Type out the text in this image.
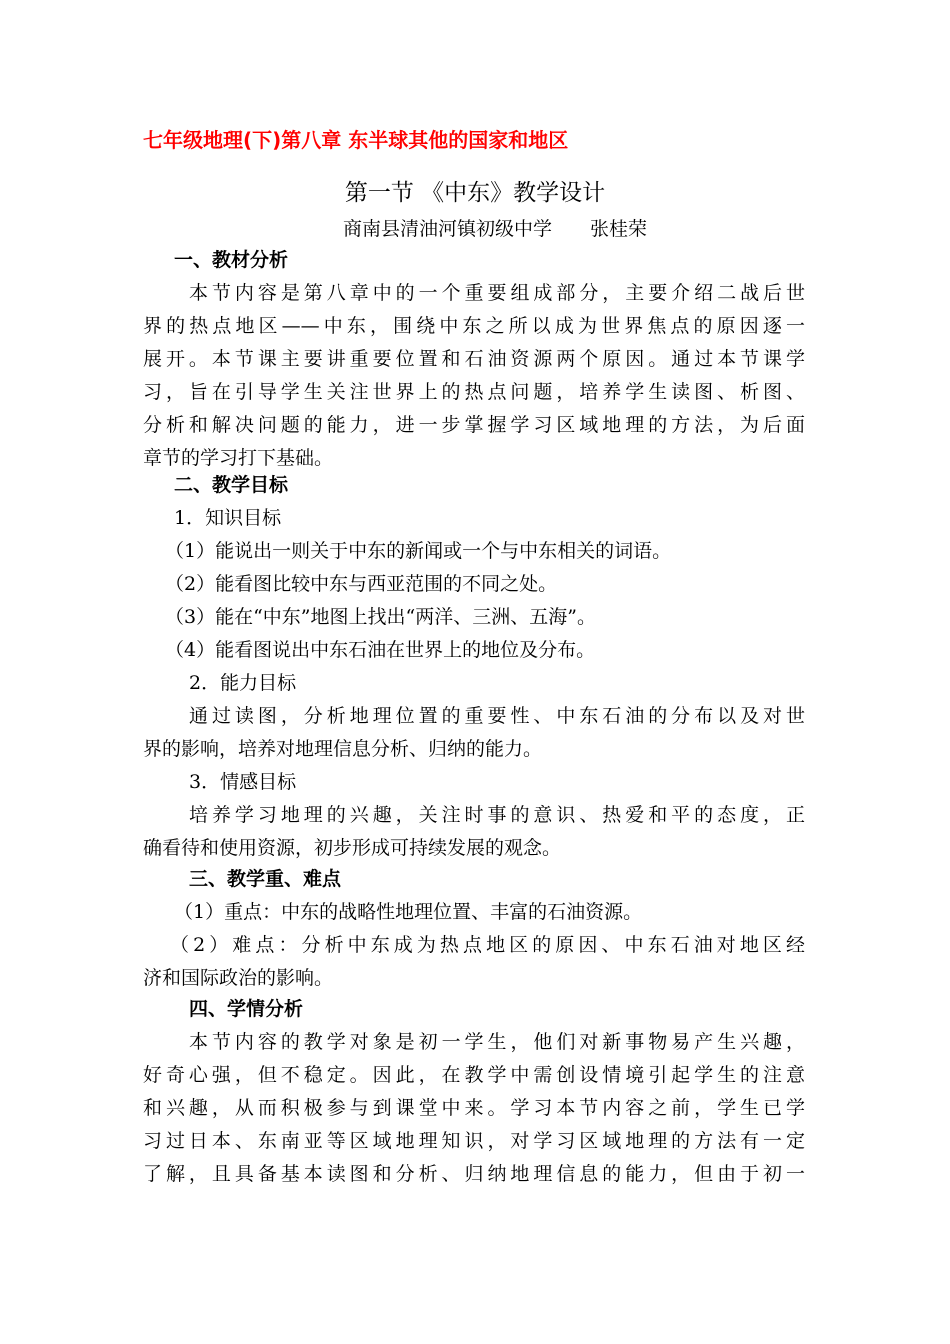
七年级地理(下)第八章 东半球其他的国家和地区
第一节 《中东》教学设计
商南县清油河镇初级中学 张桂荣
一、教材分析
本节内容是第八章中的一个重要组成部分，主要介绍二战后世
界的热点地区——中东，围绕中东之所以成为世界焦点的原因逐一
展开。本节课主要讲重要位置和石油资源两个原因。通过本节课学
习，旨在引导学生关注世界上的热点问题，培养学生读图、析图、
分析和解决问题的能力，进一步掌握学习区域地理的方法，为后面
章节的学习打下基础。
二、教学目标
1．知识目标
（1）能说出一则关于中东的新闻或一个与中东相关的词语。
（2）能看图比较中东与西亚范围的不同之处。
（3）能在“中东”地图上找出“两洋、三洲、五海”。
（4）能看图说出中东石油在世界上的地位及分布。
2．能力目标
通过读图，分析地理位置的重要性、中东石油的分布以及对世
界的影响，培养对地理信息分析、归纳的能力。
3．情感目标
培养学习地理的兴趣，关注时事的意识、热爱和平的态度，正
确看待和使用资源，初步形成可持续发展的观念。
三、教学重、难点
（1）重点：中东的战略性地理位置、丰富的石油资源。
（2）难点：分析中东成为热点地区的原因、中东石油对地区经
济和国际政治的影响。
四、学情分析
本节内容的教学对象是初一学生，他们对新事物易产生兴趣，
好奇心强，但不稳定。因此，在教学中需创设情境引起学生的注意
和兴趣，从而积极参与到课堂中来。学习本节内容之前，学生已学
习过日本、东南亚等区域地理知识，对学习区域地理的方法有一定
了解，且具备基本读图和分析、归纳地理信息的能力，但由于初一
